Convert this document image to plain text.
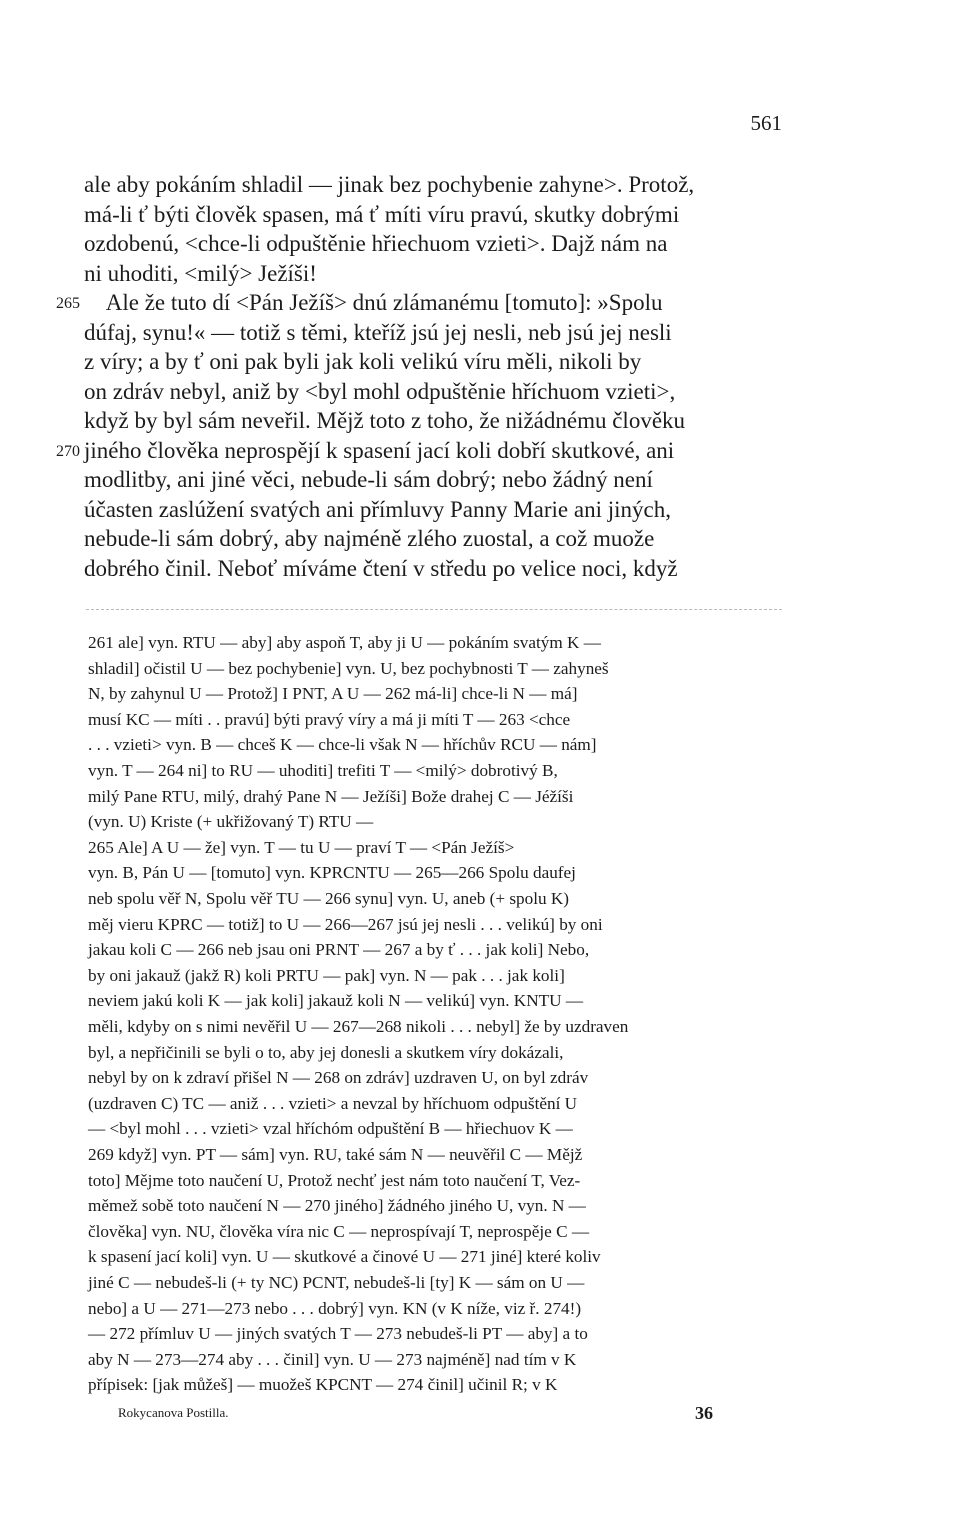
561
ale aby pokáním shladil — jinak bez pochybenie zahyne>. Protož,
má-li ť býti člověk spasen, má ť míti víru pravú, skutky dobrými
ozdobenú, <chce-li odpuštěnie hřiechuom vzieti>. Dajž nám na
ni uhoditi, <milý> Ježíši!
265 Ale že tuto dí <Pán Ježíš> dnú zlámanému [tomuto]: »Spolu
dúfaj, synu!« — totiž s těmi, kteříž jsú jej nesli, neb jsú jej nesli
z víry; a by ť oni pak byli jak koli velikú víru měli, nikoli by
on zdráv nebyl, aniž by <byl mohl odpuštěnie hříchuom vzieti>,
když by byl sám neveřil. Mějž toto z toho, že nižádnému člověku
270 jiného člověka neprospějí k spasení jací koli dobří skutkové, ani
modlitby, ani jiné věci, nebude-li sám dobrý; nebo žádný není
účasten zaslúžení svatých ani přímluvy Panny Marie ani jiných,
nebude-li sám dobrý, aby najméně zlého zuostal, a což muože
dobrého činil. Neboť míváme čtení v středu po velice noci, když
261 ale] vyn. RTU — aby] aby aspoň T, aby ji U — pokáním svatým K —
shladil] očistil U — bez pochybenie] vyn. U, bez pochybnosti T — zahyneš
N, by zahynul U — Protož] I PNT, A U — 262 má-li] chce-li N — má]
musí KC — míti . . pravú] býti pravý víry a má ji míti T — 263 <chce
. . . vzieti> vyn. B — chceš K — chce-li však N — hříchův RCU — nám]
vyn. T — 264 ni] to RU — uhoditi] trefiti T — <milý> dobrotivý B,
milý Pane RTU, milý, drahý Pane N — Ježíši] Bože drahej C — Jéžíši
(vyn. U) Kriste (+ ukřižovaný T) RTU —
265 Ale] A U — že] vyn. T — tu U — praví T — <Pán Ježíš>
vyn. B, Pán U — [tomuto] vyn. KPRCNTU — 265—266 Spolu daufej
neb spolu věř N, Spolu věř TU — 266 synu] vyn. U, aneb (+ spolu K)
měj vieru KPRC — totiž] to U — 266—267 jsú jej nesli . . . velikú] by oni
jakau koli C — 266 neb jsau oni PRNT — 267 a by ť . . . jak koli] Nebo,
by oni jakauž (jakž R) koli PRTU — pak] vyn. N — pak . . . jak koli]
neviem jakú koli K — jak koli] jakauž koli N — velikú] vyn. KNTU —
měli, kdyby on s nimi nevěřil U — 267—268 nikoli . . . nebyl] že by uzdraven
byl, a nepřičinili se byli o to, aby jej donesli a skutkem víry dokázali,
nebyl by on k zdraví přišel N — 268 on zdráv] uzdraven U, on byl zdráv
(uzdraven C) TC — aniž . . . vzieti> a nevzal by hříchuom odpuštění U
— <byl mohl . . . vzieti> vzal hříchóm odpuštění B — hřiechuov K —
269 když] vyn. PT — sám] vyn. RU, také sám N — neuvěřil C — Mějž
toto] Mějme toto naučení U, Protož nechť jest nám toto naučení T, Vez-
měmež sobě toto naučení N — 270 jiného] žádného jiného U, vyn. N —
člověka] vyn. NU, člověka víra nic C — neprospívají T, neprospěje C —
k spasení jací koli] vyn. U — skutkové a činové U — 271 jiné] které koliv
jiné C — nebudeš-li (+ ty NC) PCNT, nebudeš-li [ty] K — sám on U —
nebo] a U — 271—273 nebo . . . dobrý] vyn. KN (v K níže, viz ř. 274!)
— 272 přímluv U — jiných svatých T — 273 nebudeš-li PT — aby] a to
aby N — 273—274 aby . . . činil] vyn. U — 273 najméně] nad tím v K
přípisek: [jak můžeš] — muožeš KPCNT — 274 činil] učinil R; v K
Rokycanova Postilla.	36
